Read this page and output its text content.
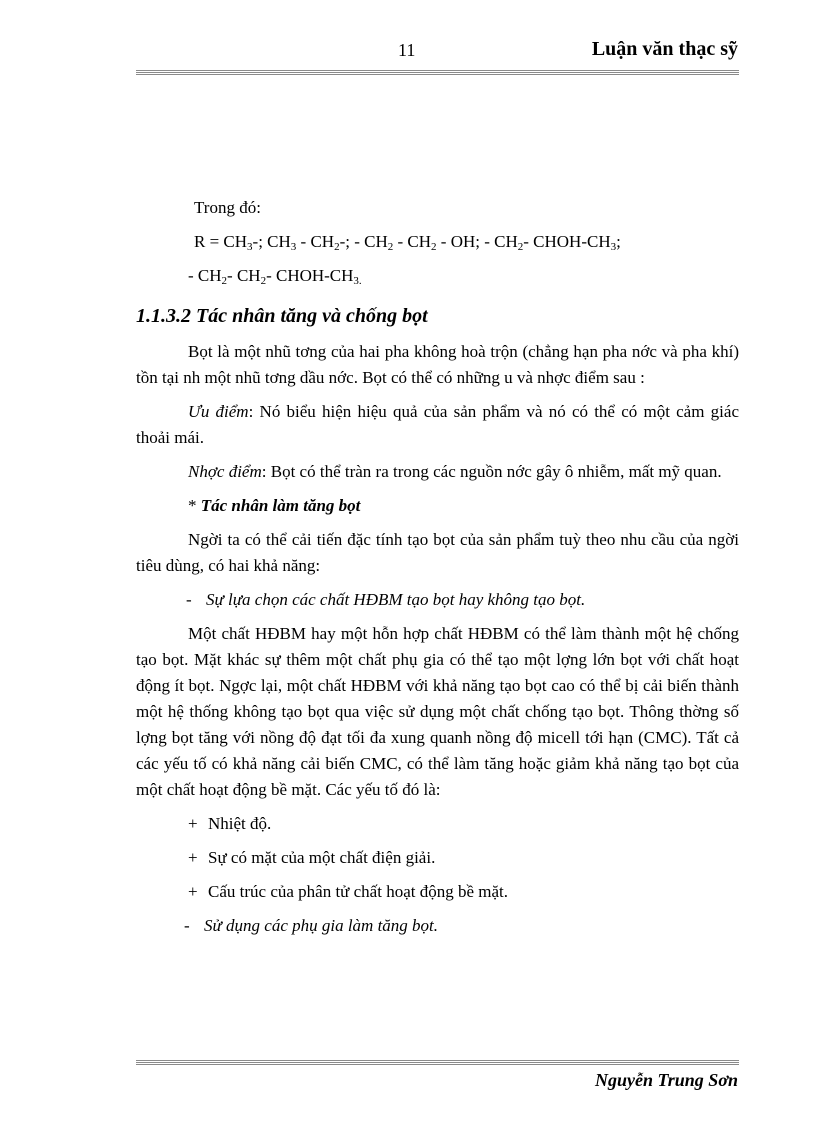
11	Luận văn thạc sỹ

Trong đó:

$R = CH_3-$; $CH_3 - CH_2-$; - $CH_2 - CH_2$ - OH; - $CH_2-$ CHOH-$CH_3$;

- $CH_2-$ $CH_2-$ CHOH-$CH_{3.}$

1.1.3.2 Tác nhân tăng và chống bọt

Bọt là một nhũ tơng của hai pha không hoà trộn (chẳng hạn pha nớc và pha khí) tồn tại nh một nhũ tơng dầu nớc. Bọt có thể có những u và nhợc điểm sau :

Ưu điểm: Nó biểu hiện hiệu quả của sản phẩm và nó có thể có một cảm giác thoải mái.

Nhợc điểm: Bọt có thể tràn ra trong các nguồn nớc gây ô nhiễm, mất mỹ quan.

* Tác nhân làm tăng bọt

Ngời ta có thể cải tiến đặc tính tạo bọt của sản phẩm tuỳ theo nhu cầu của ngời tiêu dùng, có hai khả năng:

- Sự lựa chọn các chất HĐBM tạo bọt hay không tạo bọt.

Một chất HĐBM hay một hỗn hợp chất HĐBM có thể làm thành một hệ chống tạo bọt. Mặt khác sự thêm một chất phụ gia có thể tạo một lợng lớn bọt với chất hoạt động ít bọt. Ngợc lại, một chất HĐBM với khả năng tạo bọt cao có thể bị cải biến thành một hệ thống không tạo bọt qua việc sử dụng một chất chống tạo bọt. Thông thờng số lợng bọt tăng với nồng độ đạt tối đa xung quanh nồng độ micell tới hạn (CMC). Tất cả các yếu tố có khả năng cải biến CMC, có thể làm tăng hoặc giảm khả năng tạo bọt của một chất hoạt động bề mặt. Các yếu tố đó là:

+ Nhiệt độ.

+ Sự có mặt của một chất điện giải.

+ Cấu trúc của phân tử chất hoạt động bề mặt.

- Sử dụng các phụ gia làm tăng bọt.

Nguyễn Trung Sơn
